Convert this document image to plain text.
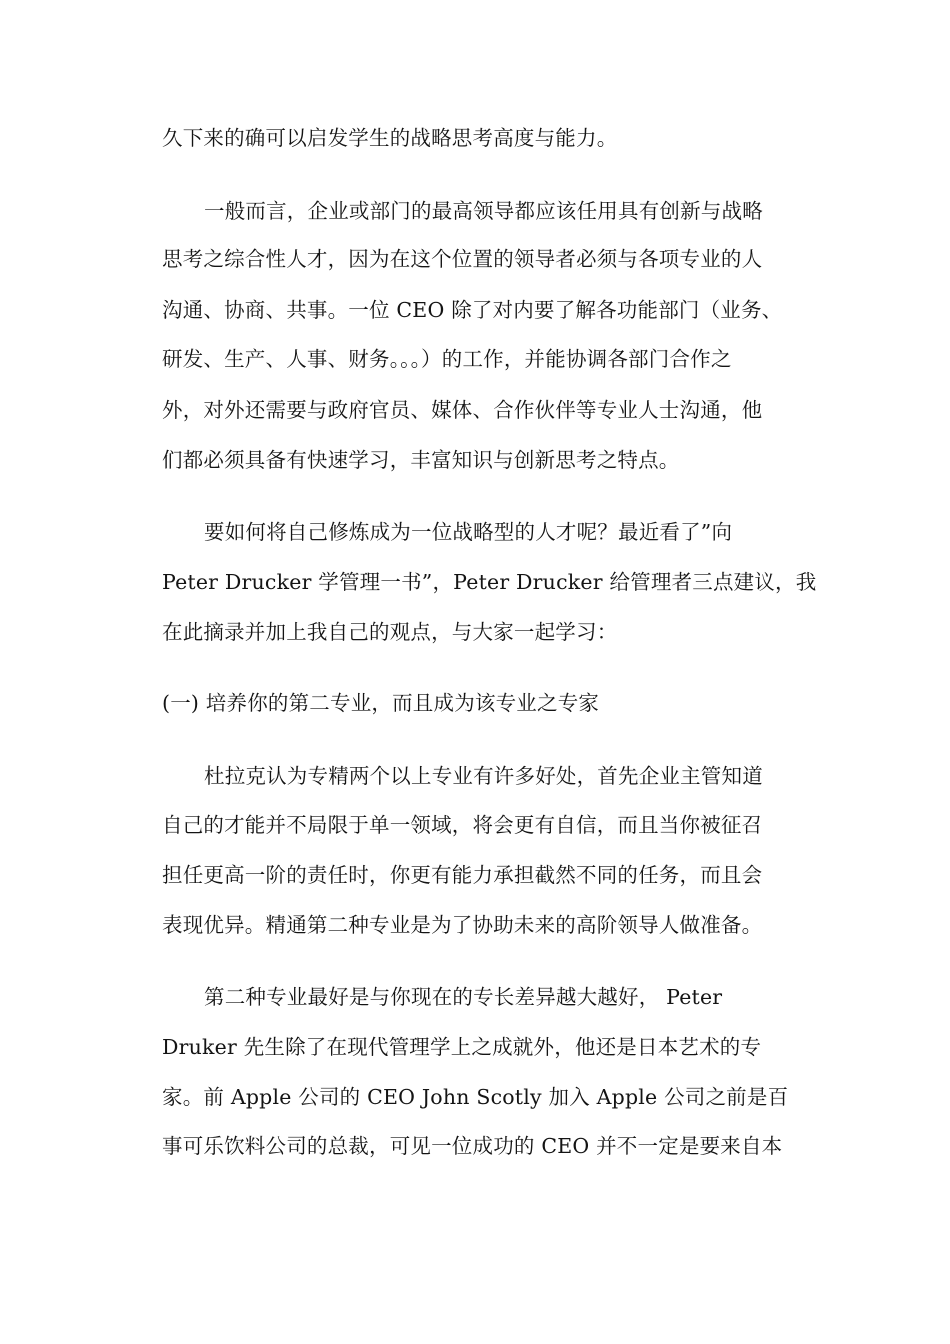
久下来的确可以启发学生的战略思考高度与能力。

一般而言，企业或部门的最高领导都应该任用具有创新与战略

思考之综合性人才，因为在这个位置的领导者必须与各项专业的人

沟通、协商、共事。一位 CEO 除了对内要了解各功能部门（业务、

研发、生产、人事、财务。。。）的工作，并能协调各部门合作之

外，对外还需要与政府官员、媒体、合作伙伴等专业人士沟通，他

们都必须具备有快速学习，丰富知识与创新思考之特点。

要如何将自己修炼成为一位战略型的人才呢？最近看了”向

Peter Drucker 学管理一书”，Peter Drucker 给管理者三点建议，我

在此摘录并加上我自己的观点，与大家一起学习：

(一) 培养你的第二专业，而且成为该专业之专家

杜拉克认为专精两个以上专业有许多好处，首先企业主管知道

自己的才能并不局限于单一领域，将会更有自信，而且当你被征召

担任更高一阶的责任时，你更有能力承担截然不同的任务，而且会

表现优异。精通第二种专业是为了协助未来的高阶领导人做准备。

第二种专业最好是与你现在的专长差异越大越好， Peter

Druker 先生除了在现代管理学上之成就外，他还是日本艺术的专

家。前 Apple 公司的 CEO John Scotly 加入 Apple 公司之前是百

事可乐饮料公司的总裁，可见一位成功的 CEO 并不一定是要来自本
